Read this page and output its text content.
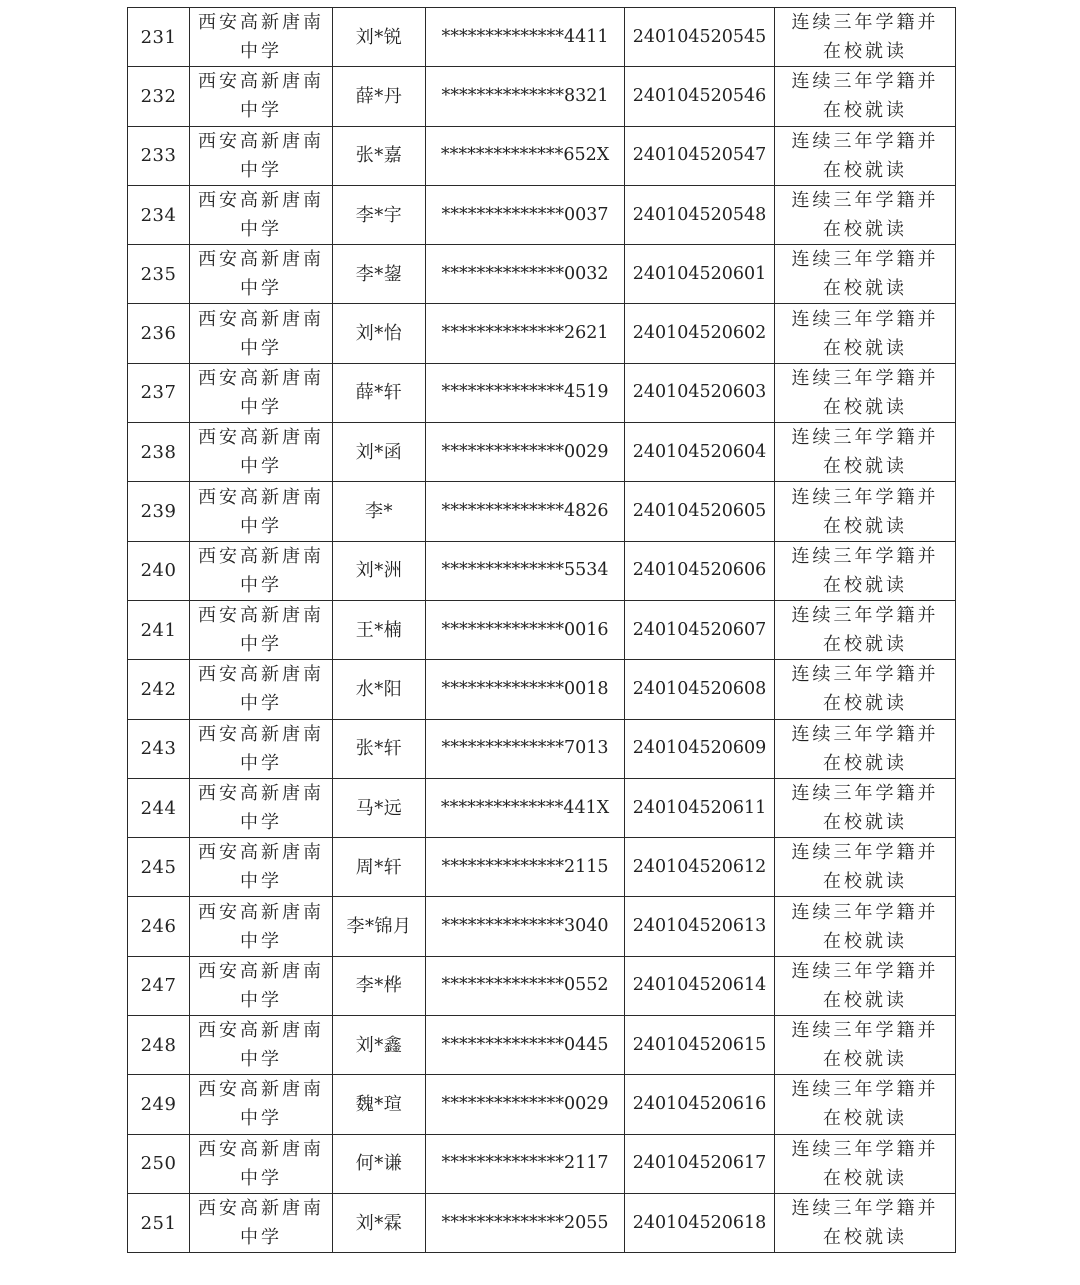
231	西安高新唐南中学	刘*锐	**************4411	240104520545	连续三年学籍并在校就读
232	西安高新唐南中学	薛*丹	**************8321	240104520546	连续三年学籍并在校就读
233	西安高新唐南中学	张*嘉	**************652X	240104520547	连续三年学籍并在校就读
234	西安高新唐南中学	李*宇	**************0037	240104520548	连续三年学籍并在校就读
235	西安高新唐南中学	李*鋆	**************0032	240104520601	连续三年学籍并在校就读
236	西安高新唐南中学	刘*怡	**************2621	240104520602	连续三年学籍并在校就读
237	西安高新唐南中学	薛*轩	**************4519	240104520603	连续三年学籍并在校就读
238	西安高新唐南中学	刘*函	**************0029	240104520604	连续三年学籍并在校就读
239	西安高新唐南中学	李*	**************4826	240104520605	连续三年学籍并在校就读
240	西安高新唐南中学	刘*洲	**************5534	240104520606	连续三年学籍并在校就读
241	西安高新唐南中学	王*楠	**************0016	240104520607	连续三年学籍并在校就读
242	西安高新唐南中学	水*阳	**************0018	240104520608	连续三年学籍并在校就读
243	西安高新唐南中学	张*轩	**************7013	240104520609	连续三年学籍并在校就读
244	西安高新唐南中学	马*远	**************441X	240104520611	连续三年学籍并在校就读
245	西安高新唐南中学	周*轩	**************2115	240104520612	连续三年学籍并在校就读
246	西安高新唐南中学	李*锦月	**************3040	240104520613	连续三年学籍并在校就读
247	西安高新唐南中学	李*桦	**************0552	240104520614	连续三年学籍并在校就读
248	西安高新唐南中学	刘*鑫	**************0445	240104520615	连续三年学籍并在校就读
249	西安高新唐南中学	魏*瑄	**************0029	240104520616	连续三年学籍并在校就读
250	西安高新唐南中学	何*谦	**************2117	240104520617	连续三年学籍并在校就读
251	西安高新唐南中学	刘*霖	**************2055	240104520618	连续三年学籍并在校就读
